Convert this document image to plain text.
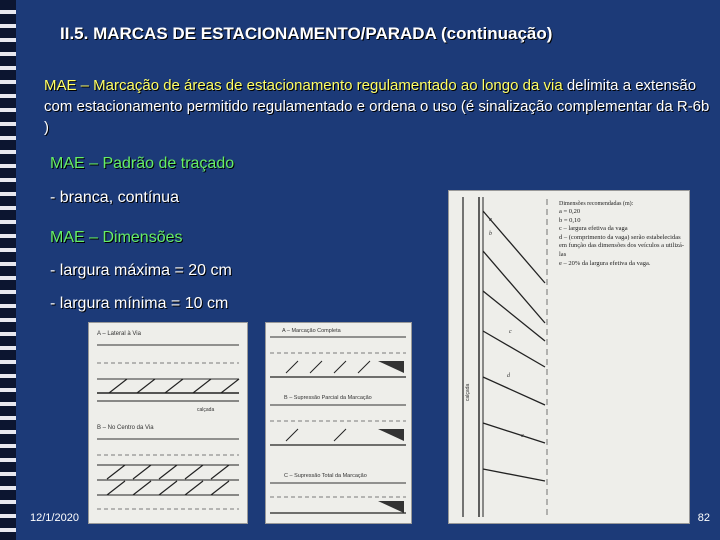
II.5. MARCAS DE ESTACIONAMENTO/PARADA (continuação)
MAE – Marcação de áreas de estacionamento regulamentado ao longo da via delimita a extensão com estacionamento permitido regulamentado e ordena o uso (é sinalização complementar da R-6b )
MAE – Padrão de traçado
- branca, contínua
MAE – Dimensões
- largura máxima = 20 cm
- largura mínima = 10 cm
A – Lateral à Via
calçada
B – No Centro da Via
A – Marcação Completa
B – Supressão Parcial da Marcação
C – Supressão Total da Marcação
calçada
a
b
c
d
e
Dimensões recomendadas (m):
a = 0,20
b = 0,10
c – largura efetiva da vaga
d – (comprimento da vaga) serão estabelecidas em função das dimensões dos veículos a utilizá-las
e – 20% da largura efetiva da vaga.
12/1/2020	82
